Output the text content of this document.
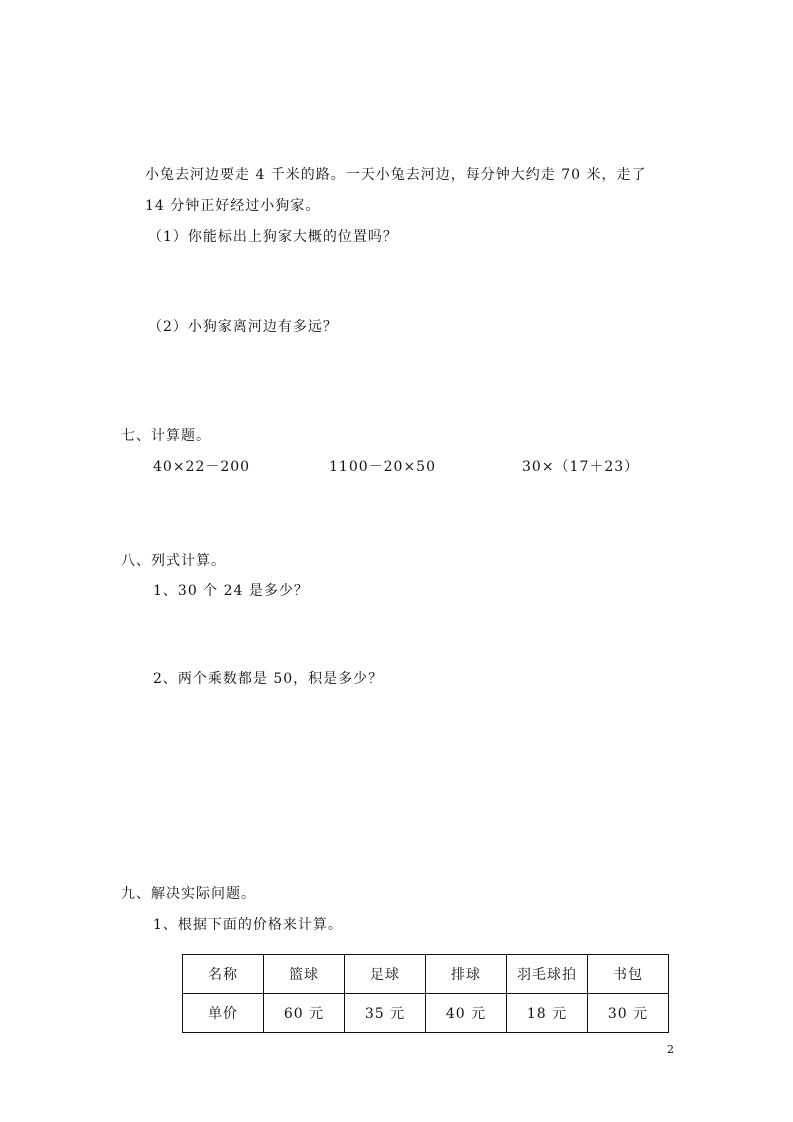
小兔去河边要走 4 千米的路。一天小兔去河边，每分钟大约走 70 米，走了
14 分钟正好经过小狗家。
（1）你能标出上狗家大概的位置吗？
（2）小狗家离河边有多远？
七、计算题。
40×22－200	1100－20×50	30×（17＋23）
八、列式计算。
1、30 个 24 是多少？
2、两个乘数都是 50，积是多少？
九、解决实际问题。
1、根据下面的价格来计算。
名称	篮球	足球	排球	羽毛球拍	书包
单价	60 元	35 元	40 元	18 元	30 元
2
